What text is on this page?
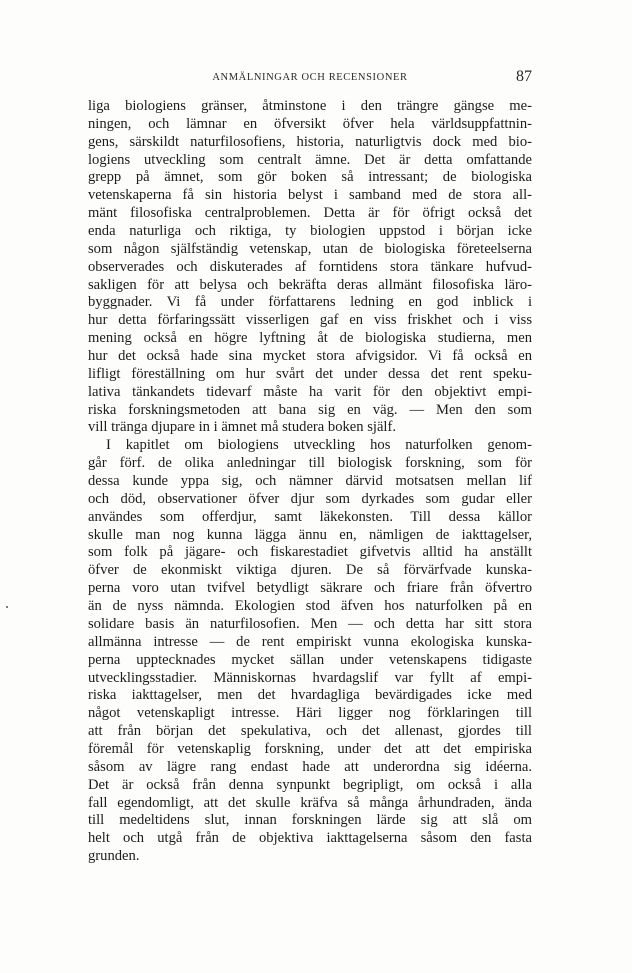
ANMÄLNINGAR OCH RECENSIONER	87
liga biologiens gränser, åtminstone i den trängre gängse me-
ningen, och lämnar en öfversikt öfver hela världsuppfattnin-
gens, särskildt naturfilosofiens, historia, naturligtvis dock med bio-
logiens utveckling som centralt ämne. Det är detta omfattande
grepp på ämnet, som gör boken så intressant; de biologiska
vetenskaperna få sin historia belyst i samband med de stora all-
mänt filosofiska centralproblemen. Detta är för öfrigt också det
enda naturliga och riktiga, ty biologien uppstod i början icke
som någon själfständig vetenskap, utan de biologiska företeelserna
observerades och diskuterades af forntidens stora tänkare hufvud-
sakligen för att belysa och bekräfta deras allmänt filosofiska läro-
byggnader. Vi få under författarens ledning en god inblick i
hur detta förfaringssätt visserligen gaf en viss friskhet och i viss
mening också en högre lyftning åt de biologiska studierna, men
hur det också hade sina mycket stora afvigsidor. Vi få också en
lifligt föreställning om hur svårt det under dessa det rent speku-
lativa tänkandets tidevarf måste ha varit för den objektivt empi-
riska forskningsmetoden att bana sig en väg. — Men den som
vill tränga djupare in i ämnet må studera boken själf.
I kapitlet om biologiens utveckling hos naturfolken genom-
går förf. de olika anledningar till biologisk forskning, som för
dessa kunde yppa sig, och nämner därvid motsatsen mellan lif
och död, observationer öfver djur som dyrkades som gudar eller
användes som offerdjur, samt läkekonsten. Till dessa källor
skulle man nog kunna lägga ännu en, nämligen de iakttagelser,
som folk på jägare- och fiskarestadiet gifvetvis alltid ha anställt
öfver de ekonmiskt viktiga djuren. De så förvärfvade kunska-
perna voro utan tvifvel betydligt säkrare och friare från öfvertro
än de nyss nämnda. Ekologien stod äfven hos naturfolken på en
solidare basis än naturfilosofien. Men — och detta har sitt stora
allmänna intresse — de rent empiriskt vunna ekologiska kunska-
perna upptecknades mycket sällan under vetenskapens tidigaste
utvecklingsstadier. Människornas hvardagslif var fyllt af empi-
riska iakttagelser, men det hvardagliga bevärdigades icke med
något vetenskapligt intresse. Häri ligger nog förklaringen till
att från början det spekulativa, och det allenast, gjordes till
föremål för vetenskaplig forskning, under det att det empiriska
såsom av lägre rang endast hade att underordna sig idéerna.
Det är också från denna synpunkt begripligt, om också i alla
fall egendomligt, att det skulle kräfva så många århundraden, ända
till medeltidens slut, innan forskningen lärde sig att slå om
helt och utgå från de objektiva iakttagelserna såsom den fasta
grunden.
